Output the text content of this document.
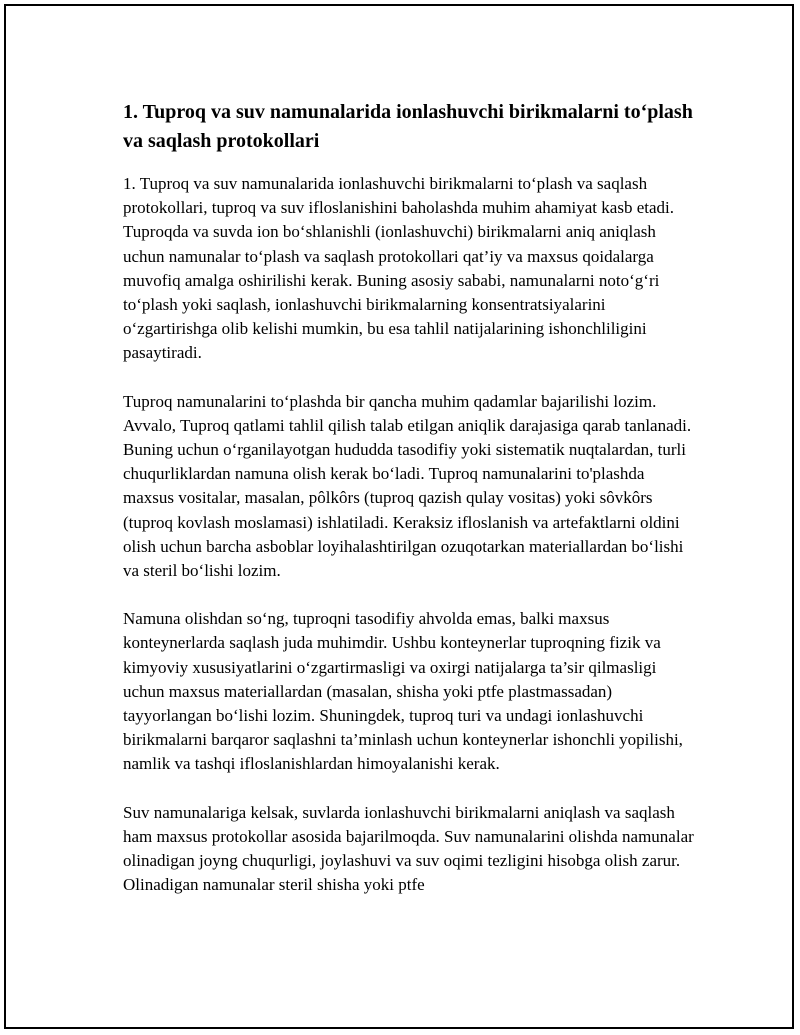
1. Tuproq va suv namunalarida ionlashuvchi birikmalarni to‘plash va saqlash protokollari

1. Tuproq va suv namunalarida ionlashuvchi birikmalarni to‘plash va saqlash protokollari, tuproq va suv ifloslanishini baholashda muhim ahamiyat kasb etadi. Tuproqda va suvda ion bo‘shlanishli (ionlashuvchi) birikmalarni aniq aniqlash uchun namunalar to‘plash va saqlash protokollari qat’iy va maxsus qoidalarga muvofiq amalga oshirilishi kerak. Buning asosiy sababi, namunalarni noto‘g‘ri to‘plash yoki saqlash, ionlashuvchi birikmalarning konsentratsiyalarini o‘zgartirishga olib kelishi mumkin, bu esa tahlil natijalarining ishonchliligini pasaytiradi.

Tuproq namunalarini to‘plashda bir qancha muhim qadamlar bajarilishi lozim. Avvalo, Tuproq qatlami tahlil qilish talab etilgan aniqlik darajasiga qarab tanlanadi. Buning uchun o‘rganilayotgan hududda tasodifiy yoki sistematik nuqtalardan, turli chuqurliklardan namuna olish kerak bo‘ladi. Tuproq namunalarini to'plashda maxsus vositalar, masalan, pôlkôrs (tuproq qazish qulay vositas) yoki sôvkôrs (tuproq kovlash moslamasi) ishlatiladi. Keraksiz ifloslanish va artefaktlarni oldini olish uchun barcha asboblar loyihalashtirilgan ozuqotarkan materiallardan bo‘lishi va steril bo‘lishi lozim.

Namuna olishdan so‘ng, tuproqni tasodifiy ahvolda emas, balki maxsus konteynerlarda saqlash juda muhimdir. Ushbu konteynerlar tuproqning fizik va kimyoviy xususiyatlarini o‘zgartirmasligi va oxirgi natijalarga ta’sir qilmasligi uchun maxsus materiallardan (masalan, shisha yoki ptfe plastmassadan) tayyorlangan bo‘lishi lozim. Shuningdek, tuproq turi va undagi ionlashuvchi birikmalarni barqaror saqlashni ta’minlash uchun konteynerlar ishonchli yopilishi, namlik va tashqi ifloslanishlardan himoyalanishi kerak.

Suv namunalariga kelsak, suvlarda ionlashuvchi birikmalarni aniqlash va saqlash ham maxsus protokollar asosida bajarilmoqda. Suv namunalarini olishda namunalar olinadigan joyng chuqurligi, joylashuvi va suv oqimi tezligini hisobga olish zarur. Olinadigan namunalar steril shisha yoki ptfe
